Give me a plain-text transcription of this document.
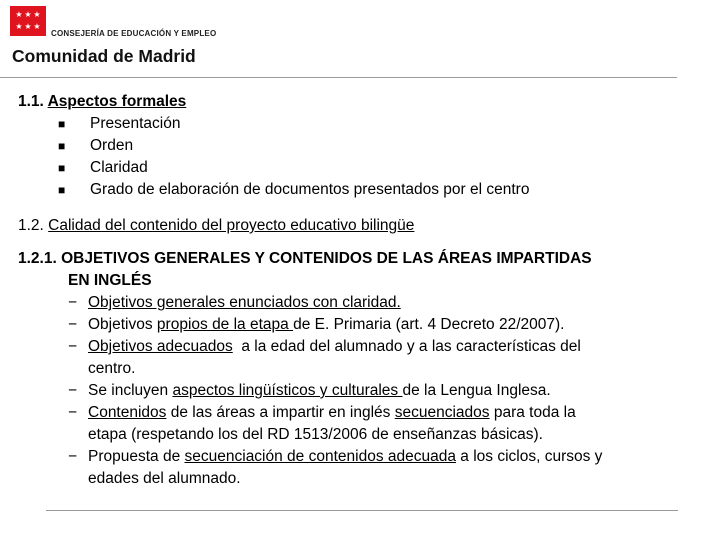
★ ★ ★
★ ★ ★
CONSEJERÍA DE EDUCACIÓN Y EMPLEO
Comunidad de Madrid
1.1. Aspectos formales
■ Presentación
■ Orden
■ Claridad
■ Grado de elaboración de documentos presentados por el centro
1.2. Calidad del contenido del proyecto educativo bilingüe
1.2.1. OBJETIVOS GENERALES Y CONTENIDOS DE LAS ÁREAS IMPARTIDAS
EN INGLÉS
− Objetivos generales enunciados con claridad.
− Objetivos propios de la etapa de E. Primaria (art. 4 Decreto 22/2007).
− Objetivos adecuados  a la edad del alumnado y a las características del
centro.
− Se incluyen aspectos lingüísticos y culturales de la Lengua Inglesa.
− Contenidos de las áreas a impartir en inglés secuenciados para toda la
etapa (respetando los del RD 1513/2006 de enseñanzas básicas).
− Propuesta de secuenciación de contenidos adecuada a los ciclos, cursos y
edades del alumnado.
